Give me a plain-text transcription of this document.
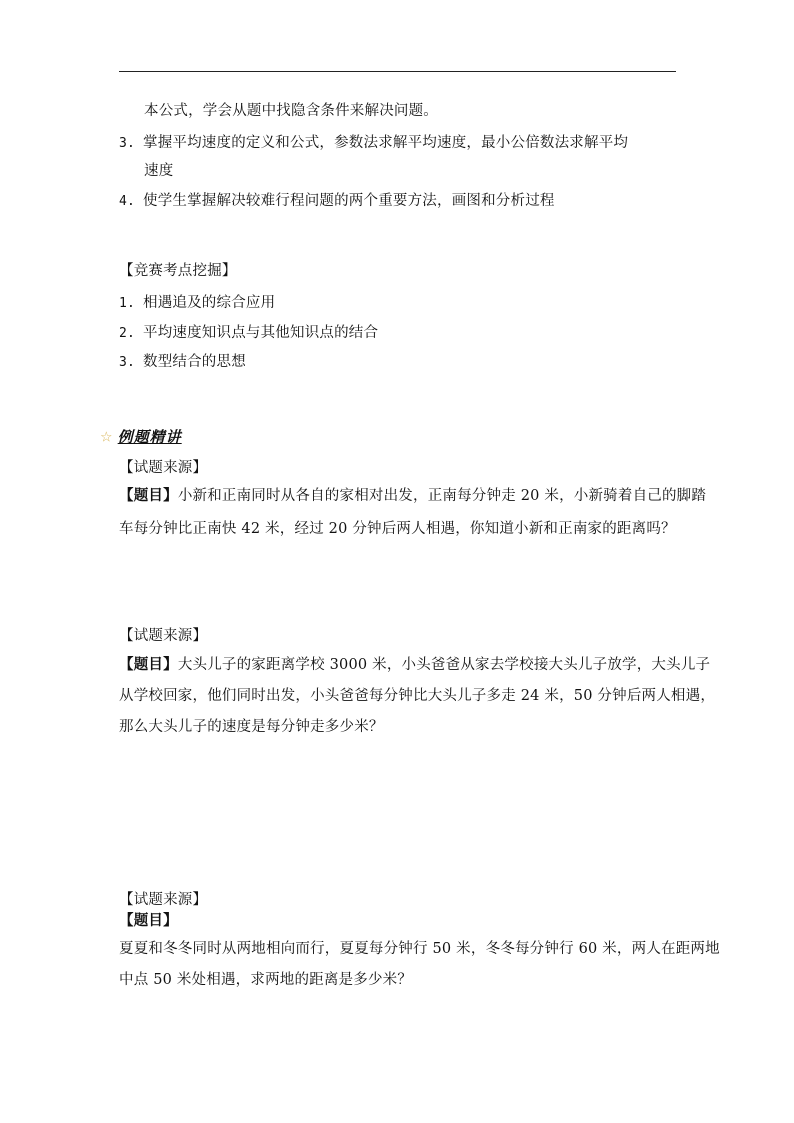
本公式，学会从题中找隐含条件来解决问题。
3. 掌握平均速度的定义和公式，参数法求解平均速度，最小公倍数法求解平均
速度
4. 使学生掌握解决较难行程问题的两个重要方法，画图和分析过程
【竞赛考点挖掘】
1. 相遇追及的综合应用
2. 平均速度知识点与其他知识点的结合
3. 数型结合的思想
☆ 例题精讲
【试题来源】
【题目】小新和正南同时从各自的家相对出发，正南每分钟走 20 米，小新骑着自己的脚踏
车每分钟比正南快 42 米，经过 20 分钟后两人相遇，你知道小新和正南家的距离吗？
【试题来源】
【题目】大头儿子的家距离学校 3000 米，小头爸爸从家去学校接大头儿子放学，大头儿子
从学校回家，他们同时出发，小头爸爸每分钟比大头儿子多走 24 米，50 分钟后两人相遇，
那么大头儿子的速度是每分钟走多少米？
【试题来源】
【题目】
夏夏和冬冬同时从两地相向而行，夏夏每分钟行 50 米，冬冬每分钟行 60 米，两人在距两地
中点 50 米处相遇，求两地的距离是多少米？
